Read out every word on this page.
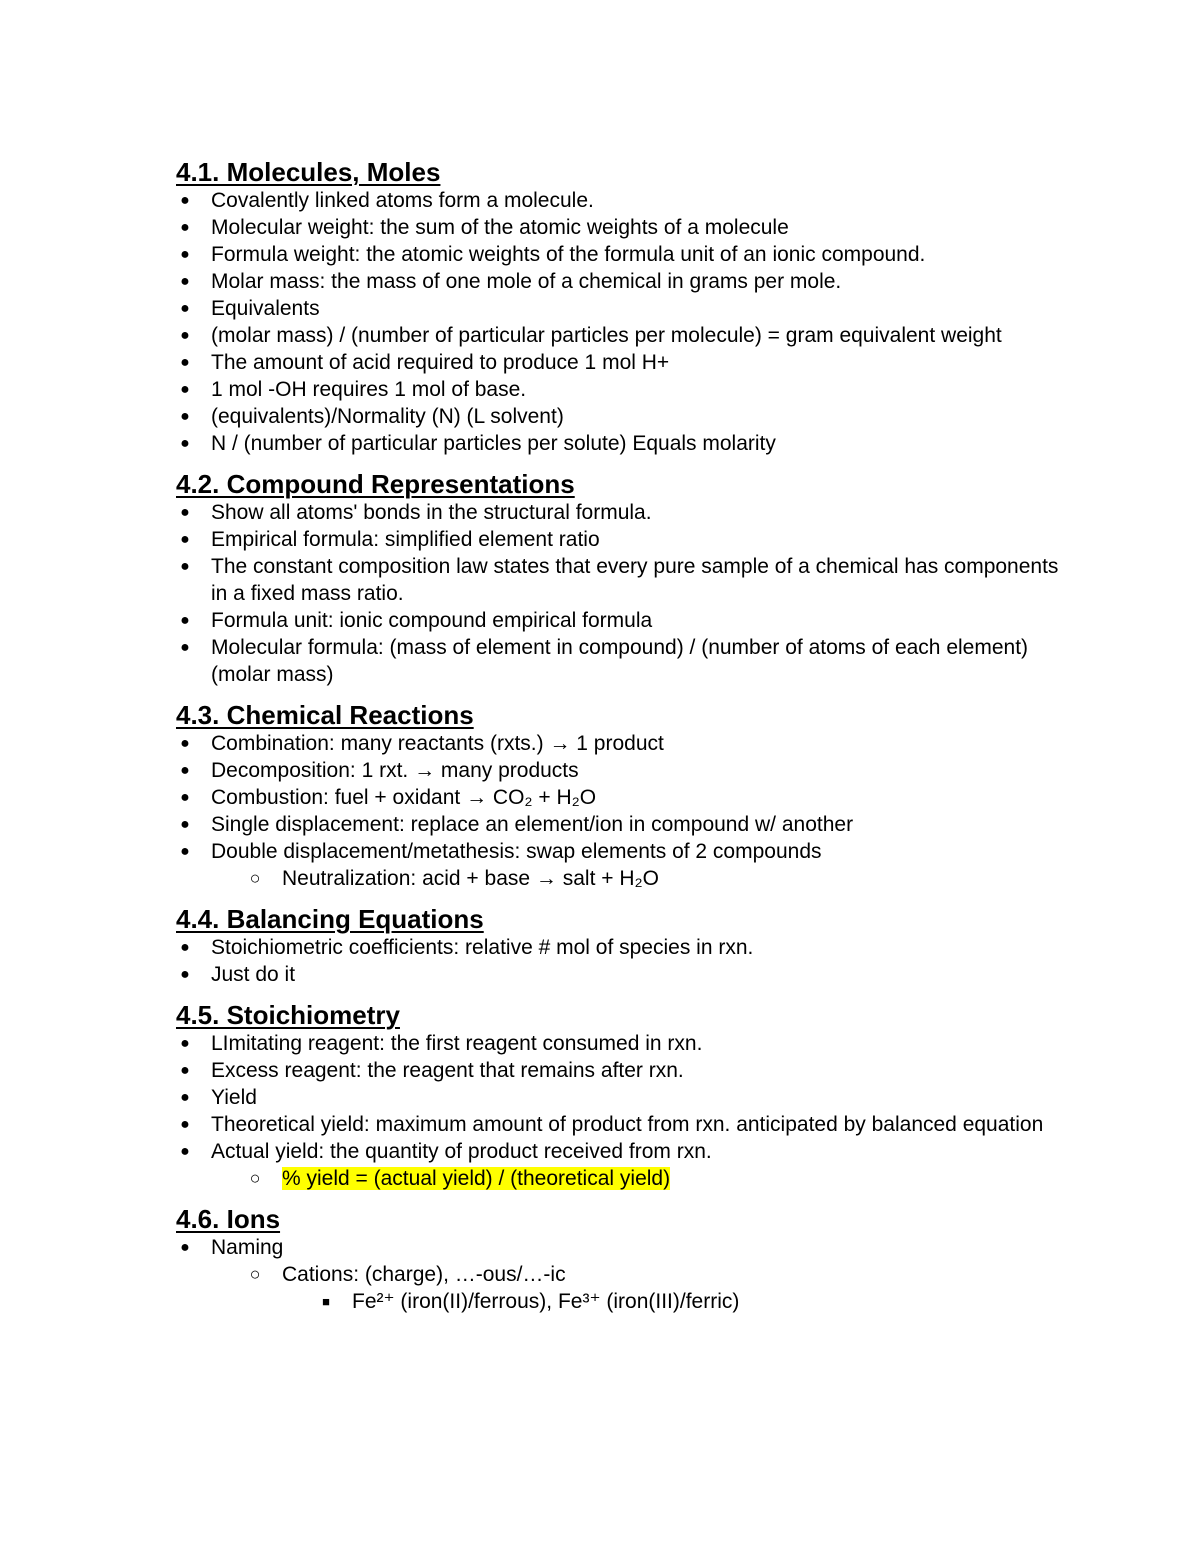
4.1. Molecules, Moles
● Covalently linked atoms form a molecule.
● Molecular weight: the sum of the atomic weights of a molecule
● Formula weight: the atomic weights of the formula unit of an ionic compound.
● Molar mass: the mass of one mole of a chemical in grams per mole.
● Equivalents
● (molar mass) / (number of particular particles per molecule) = gram equivalent weight
● The amount of acid required to produce 1 mol H+
● 1 mol -OH requires 1 mol of base.
● (equivalents)/Normality (N) (L solvent)
● N / (number of particular particles per solute) Equals molarity
4.2. Compound Representations
● Show all atoms' bonds in the structural formula.
● Empirical formula: simplified element ratio
● The constant composition law states that every pure sample of a chemical has components in a fixed mass ratio.
● Formula unit: ionic compound empirical formula
● Molecular formula: (mass of element in compound) / (number of atoms of each element) (molar mass)
4.3. Chemical Reactions
● Combination: many reactants (rxts.) → 1 product
● Decomposition: 1 rxt. → many products
● Combustion: fuel + oxidant → CO₂ + H₂O
● Single displacement: replace an element/ion in compound w/ another
● Double displacement/metathesis: swap elements of 2 compounds
○ Neutralization: acid + base → salt + H₂O
4.4. Balancing Equations
● Stoichiometric coefficients: relative # mol of species in rxn.
● Just do it
4.5. Stoichiometry
● LImitating reagent: the first reagent consumed in rxn.
● Excess reagent: the reagent that remains after rxn.
● Yield
● Theoretical yield: maximum amount of product from rxn. anticipated by balanced equation
● Actual yield: the quantity of product received from rxn.
○ % yield = (actual yield) / (theoretical yield)
4.6. Ions
● Naming
○ Cations: (charge), …-ous/…-ic
■ Fe²⁺ (iron(II)/ferrous), Fe³⁺ (iron(III)/ferric)
